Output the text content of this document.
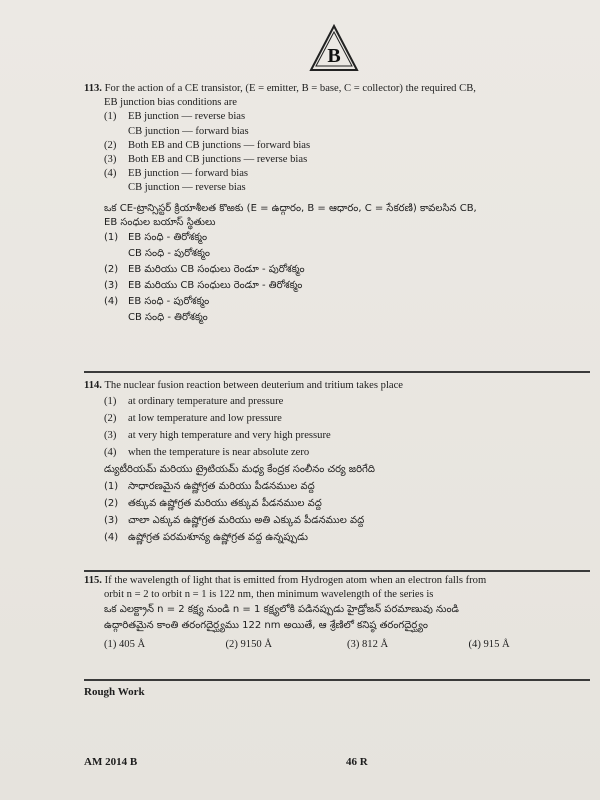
B
113. For the action of a CE transistor, (E = emitter, B = base, C = collector) the required CB,
EB junction bias conditions are
(1)	EB junction — reverse bias
CB junction — forward bias
(2)	Both EB and CB junctions — forward bias
(3)	Both EB and CB junctions — reverse bias
(4)	EB junction — forward bias
CB junction — reverse bias
ఒక CE-ట్రాన్సిస్టర్ క్రియాశీలత కొఱకు (E = ఉద్గారం, B = ఆధారం, C = సేకరణి) కావలసిన CB,
EB సంధుల బయాస్ స్థితులు
(1) EB సంధి - తిరోశక్మం
CB సంధి - పురోశక్మం
(2) EB మరియు CB సంధులు రెండూ - పురోశక్మం
(3) EB మరియు CB సంధులు రెండూ - తిరోశక్మం
(4) EB సంధి - పురోశక్మం
CB సంధి - తిరోశక్మం
114. The nuclear fusion reaction between deuterium and tritium takes place
(1)	at ordinary temperature and pressure
(2)	at low temperature and low pressure
(3)	at very high temperature and very high pressure
(4)	when the temperature is near absolute zero
డ్యుటీరియమ్ మరియు ట్రైటియమ్ మధ్య కేంద్రక సంలీనం చర్య జరిగేది
(1) సాధారణమైన ఉష్ణోగ్రత మరియు పీడనముల వద్ద
(2) తక్కువ ఉష్ణోగ్రత మరియు తక్కువ పీడనముల వద్ద
(3) చాలా ఎక్కువ ఉష్ణోగ్రత మరియు అతి ఎక్కువ పీడనముల వద్ద
(4) ఉష్ణోగ్రత పరమశూన్య ఉష్ణోగ్రత వద్ద ఉన్నప్పుడు
115. If the wavelength of light that is emitted from Hydrogen atom when an electron falls from
orbit n = 2 to orbit n = 1 is 122 nm, then minimum wavelength of the series is
ఒక ఎలక్ట్రాన్ n = 2 కక్ష్య నుండి n = 1 కక్ష్యలోకి పడినప్పుడు హైడ్రోజన్ పరమాణువు నుండి
ఉద్గారితమైన కాంతి తరంగదైర్ఘ్యము 122 nm అయితే, ఆ శ్రేణిలో కనిష్ఠ తరంగదైర్ఘ్యం
(1) 405 Å	(2) 9150 Å	(3) 812 Å	(4) 915 Å
Rough Work
AM 2014 B	46 R
